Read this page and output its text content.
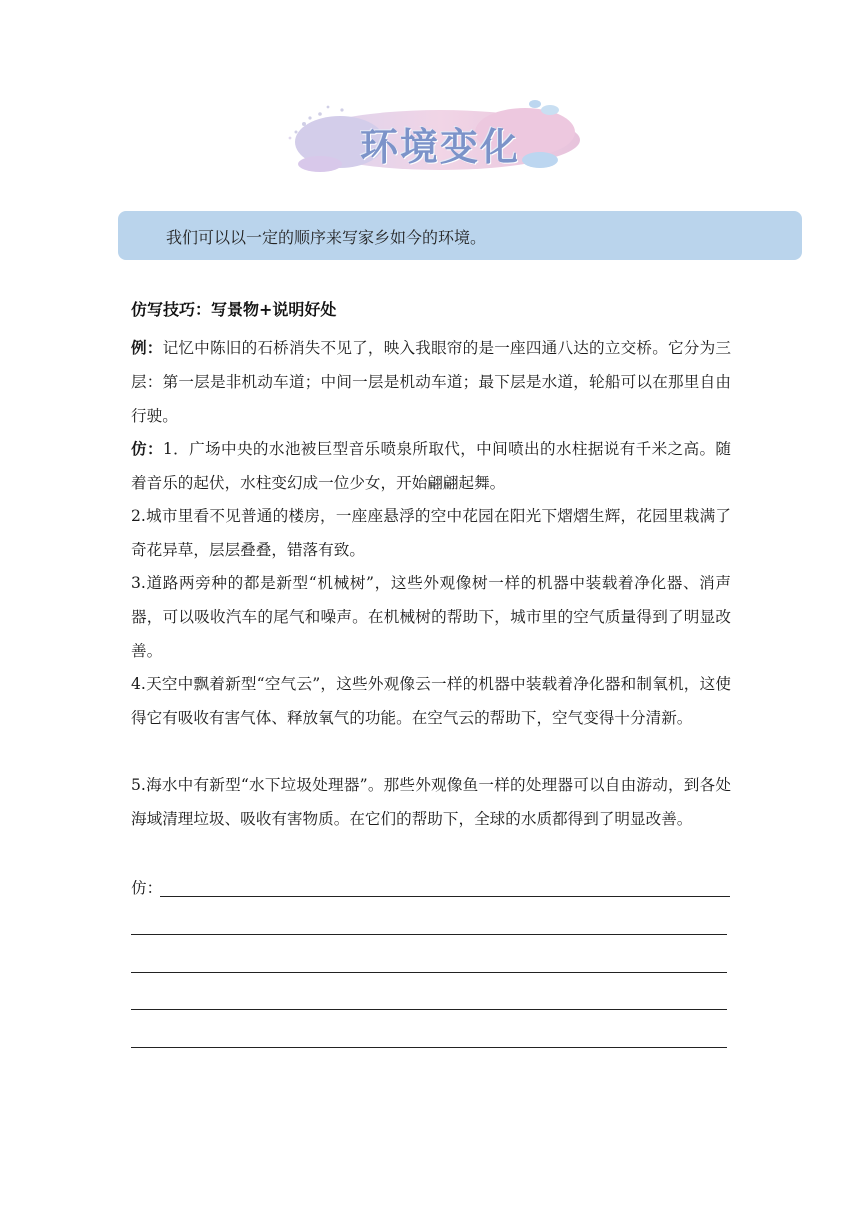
环境变化
我们可以以一定的顺序来写家乡如今的环境。
仿写技巧：写景物+说明好处
例：记忆中陈旧的石桥消失不见了，映入我眼帘的是一座四通八达的立交桥。它分为三层：第一层是非机动车道；中间一层是机动车道；最下层是水道，轮船可以在那里自由行驶。
仿：1．广场中央的水池被巨型音乐喷泉所取代，中间喷出的水柱据说有千米之高。随着音乐的起伏，水柱变幻成一位少女，开始翩翩起舞。
2.城市里看不见普通的楼房，一座座悬浮的空中花园在阳光下熠熠生辉，花园里栽满了奇花异草，层层叠叠，错落有致。
3.道路两旁种的都是新型“机械树”，这些外观像树一样的机器中装载着净化器、消声器，可以吸收汽车的尾气和噪声。在机械树的帮助下，城市里的空气质量得到了明显改善。
4.天空中飘着新型“空气云”，这些外观像云一样的机器中装载着净化器和制氧机，这使得它有吸收有害气体、释放氧气的功能。在空气云的帮助下，空气变得十分清新。
5.海水中有新型“水下垃圾处理器”。那些外观像鱼一样的处理器可以自由游动，到各处海域清理垃圾、吸收有害物质。在它们的帮助下，全球的水质都得到了明显改善。
仿：
